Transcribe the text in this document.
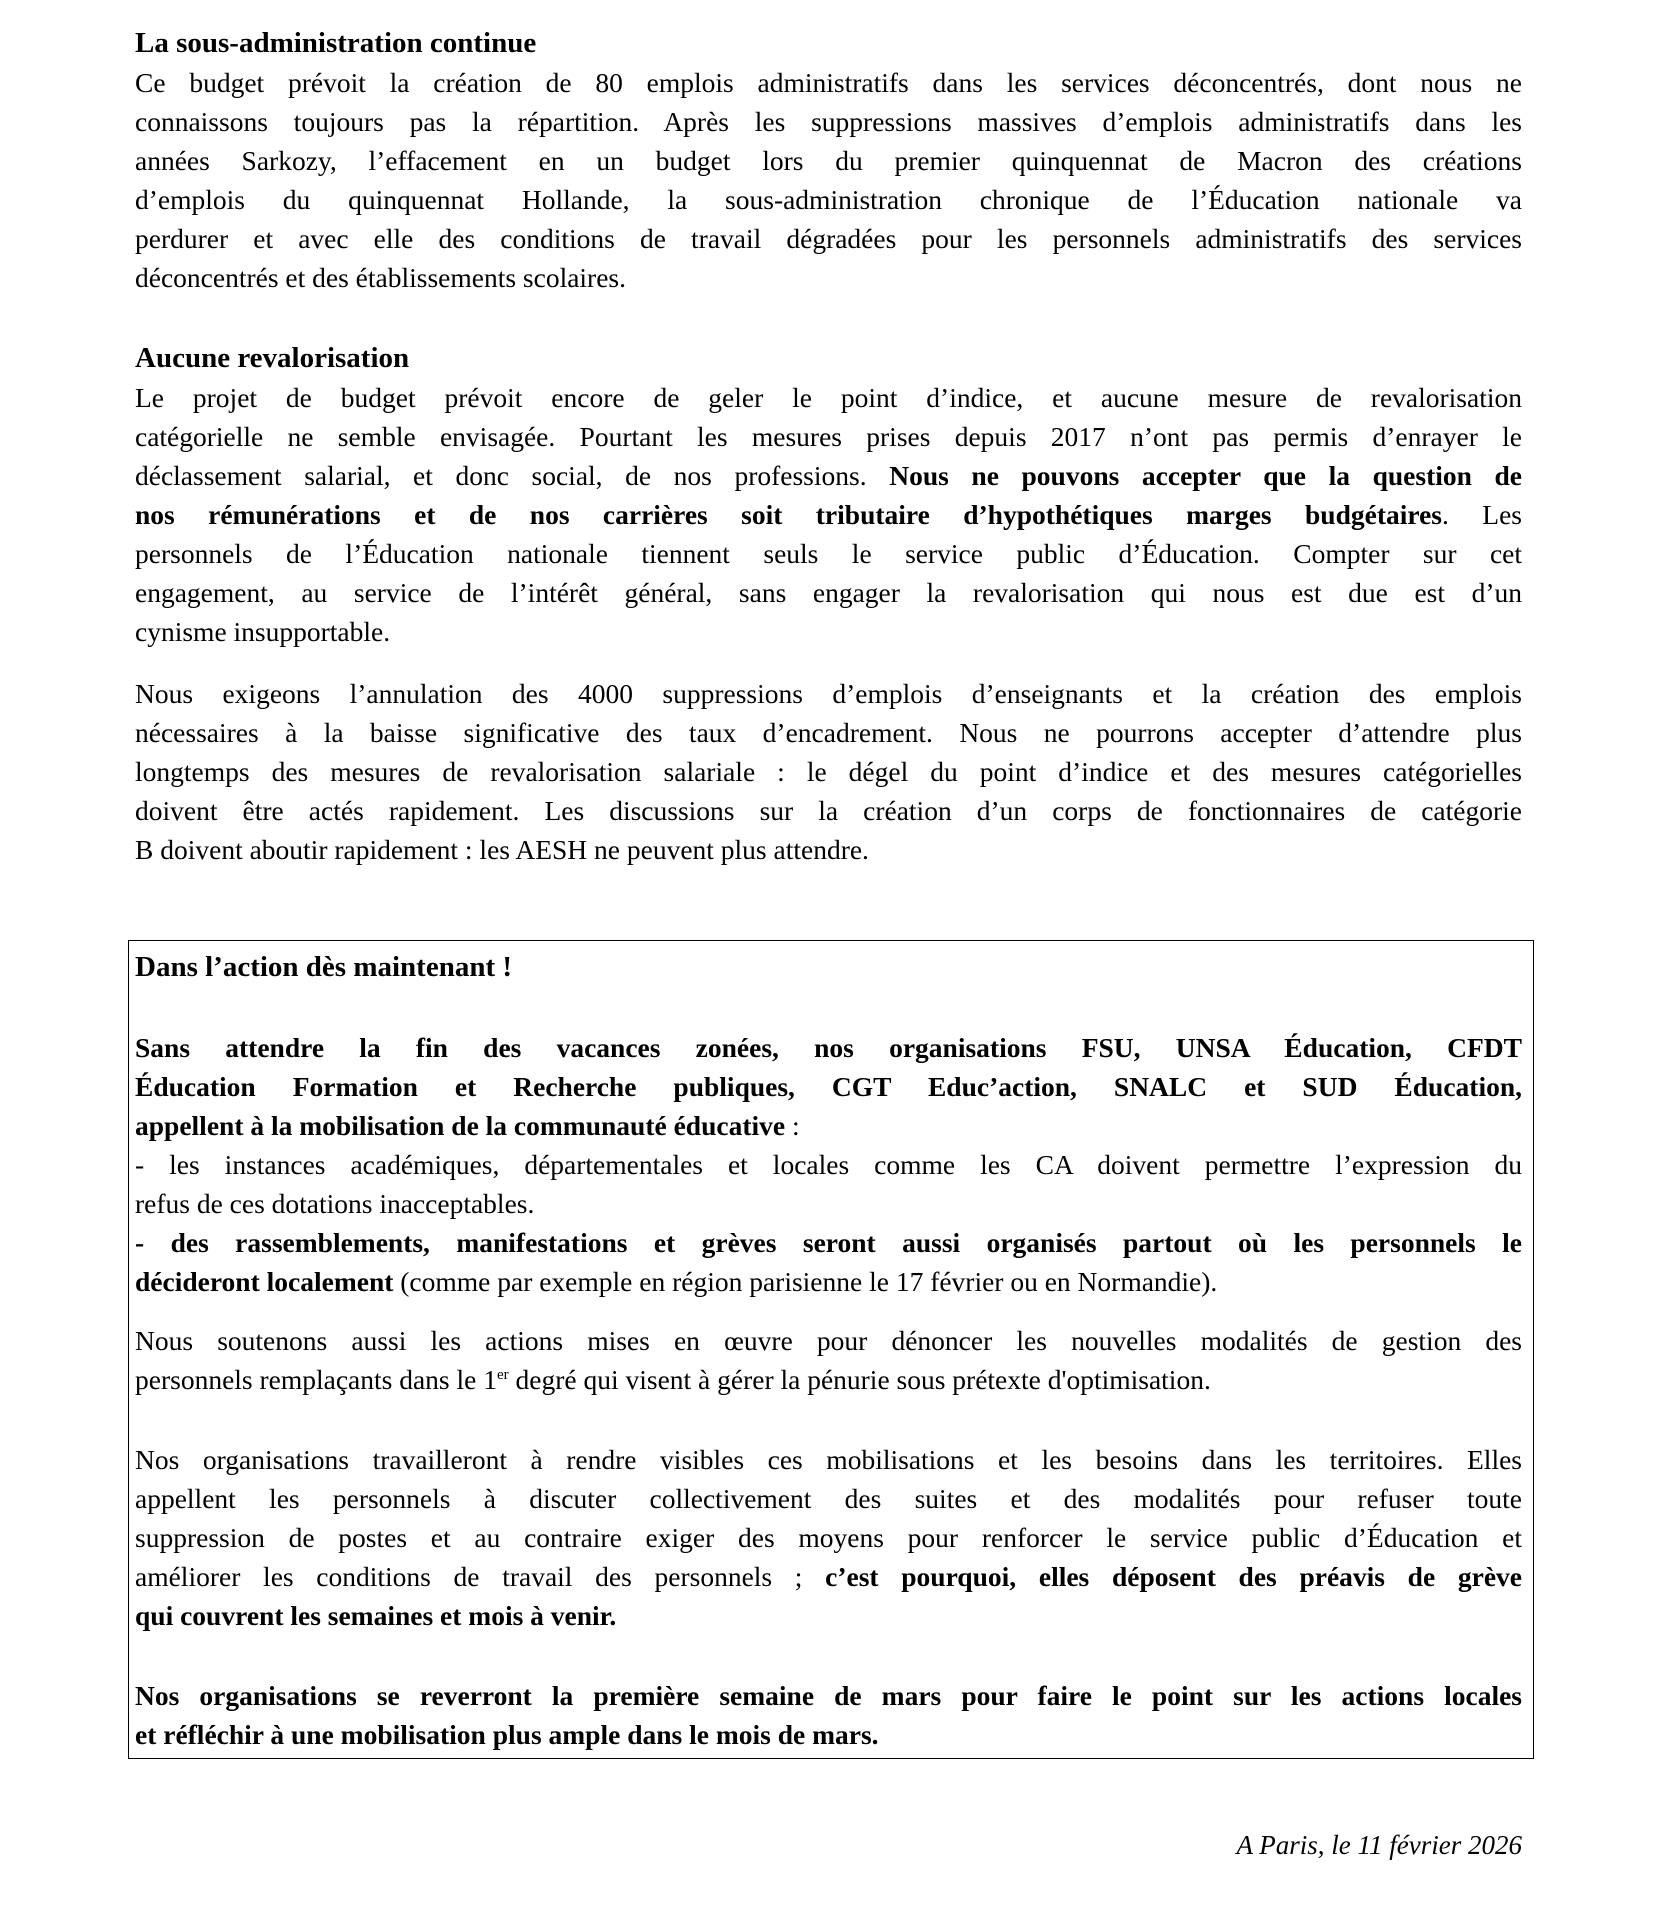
La sous-administration continue
Ce budget prévoit la création de 80 emplois administratifs dans les services déconcentrés, dont nous ne
connaissons toujours pas la répartition. Après les suppressions massives d’emplois administratifs dans les
années Sarkozy, l’effacement en un budget lors du premier quinquennat de Macron des créations
d’emplois du quinquennat Hollande, la sous-administration chronique de l’Éducation nationale va
perdurer et avec elle des conditions de travail dégradées pour les personnels administratifs des services
déconcentrés et des établissements scolaires.
Aucune revalorisation
Le projet de budget prévoit encore de geler le point d’indice, et aucune mesure de revalorisation
catégorielle ne semble envisagée. Pourtant les mesures prises depuis 2017 n’ont pas permis d’enrayer le
déclassement salarial, et donc social, de nos professions. Nous ne pouvons accepter que la question de
nos rémunérations et de nos carrières soit tributaire d’hypothétiques marges budgétaires. Les
personnels de l’Éducation nationale tiennent seuls le service public d’Éducation. Compter sur cet
engagement, au service de l’intérêt général, sans engager la revalorisation qui nous est due est d’un
cynisme insupportable.
Nous exigeons l’annulation des 4000 suppressions d’emplois d’enseignants et la création des emplois
nécessaires à la baisse significative des taux d’encadrement. Nous ne pourrons accepter d’attendre plus
longtemps des mesures de revalorisation salariale : le dégel du point d’indice et des mesures catégorielles
doivent être actés rapidement. Les discussions sur la création d’un corps de fonctionnaires de catégorie
B doivent aboutir rapidement : les AESH ne peuvent plus attendre.
Dans l’action dès maintenant !
Sans attendre la fin des vacances zonées, nos organisations FSU, UNSA Éducation, CFDT
Éducation Formation et Recherche publiques, CGT Educ’action, SNALC et SUD Éducation,
appellent à la mobilisation de la communauté éducative :
- les instances académiques, départementales et locales comme les CA doivent permettre l’expression du
refus de ces dotations inacceptables.
- des rassemblements, manifestations et grèves seront aussi organisés partout où les personnels le
décideront localement (comme par exemple en région parisienne le 17 février ou en Normandie).
Nous soutenons aussi les actions mises en œuvre pour dénoncer les nouvelles modalités de gestion des
personnels remplaçants dans le 1er degré qui visent à gérer la pénurie sous prétexte d'optimisation.
Nos organisations travailleront à rendre visibles ces mobilisations et les besoins dans les territoires. Elles
appellent les personnels à discuter collectivement des suites et des modalités pour refuser toute
suppression de postes et au contraire exiger des moyens pour renforcer le service public d’Éducation et
améliorer les conditions de travail des personnels ; c’est pourquoi, elles déposent des préavis de grève
qui couvrent les semaines et mois à venir.
Nos organisations se reverront la première semaine de mars pour faire le point sur les actions locales
et réfléchir à une mobilisation plus ample dans le mois de mars.
A Paris, le 11 février 2026
